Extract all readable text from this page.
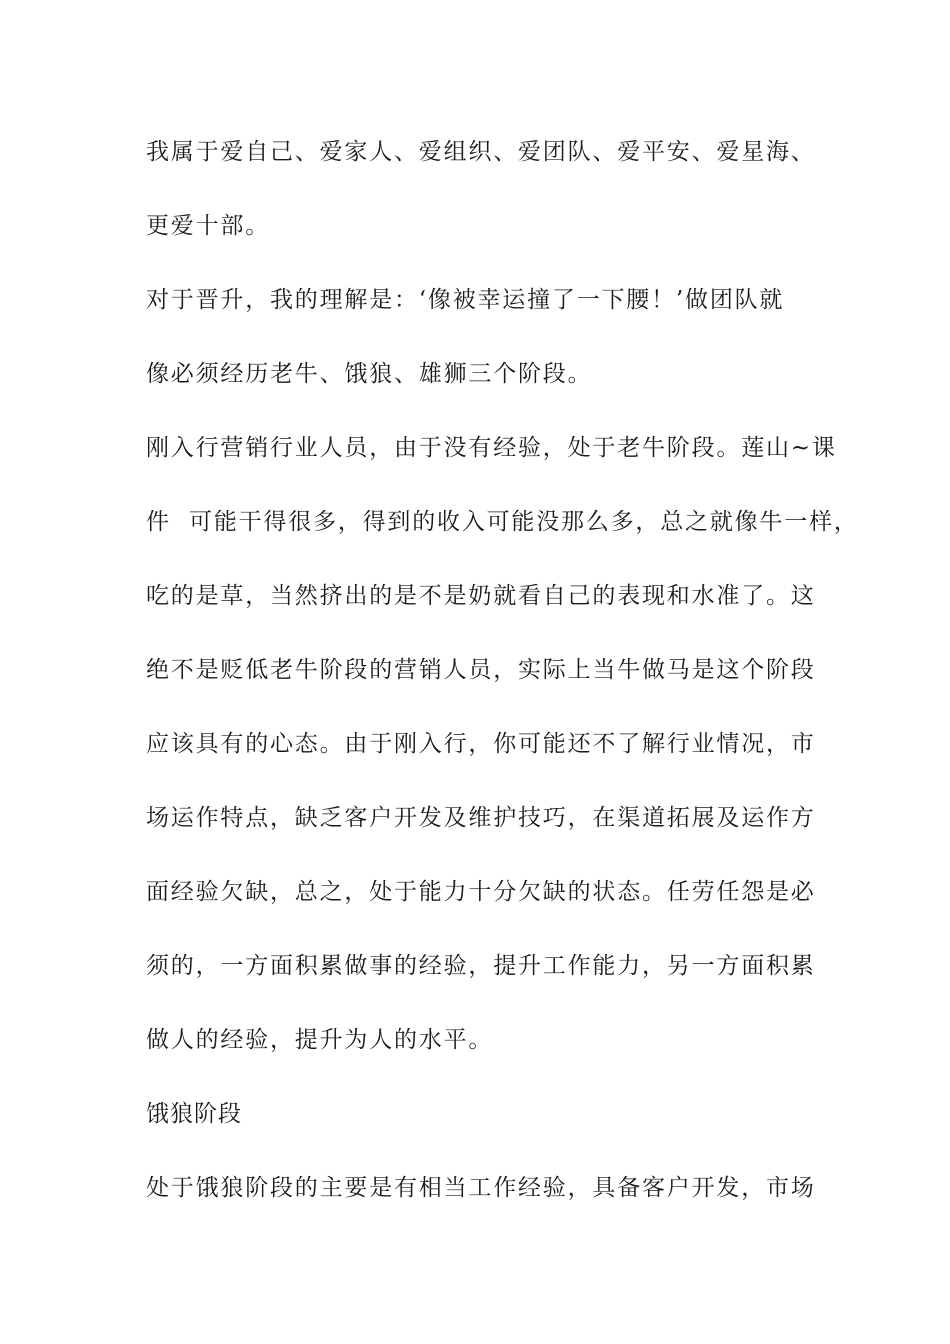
我属于爱自己、爱家人、爱组织、爱团队、爱平安、爱星海、
更爱十部。
对于晋升，我的理解是：‘像被幸运撞了一下腰！’做团队就
像必须经历老牛、饿狼、雄狮三个阶段。
刚入行营销行业人员，由于没有经验，处于老牛阶段。莲山~课
件  可能干得很多，得到的收入可能没那么多，总之就像牛一样，
吃的是草，当然挤出的是不是奶就看自己的表现和水准了。这
绝不是贬低老牛阶段的营销人员，实际上当牛做马是这个阶段
应该具有的心态。由于刚入行，你可能还不了解行业情况，市
场运作特点，缺乏客户开发及维护技巧，在渠道拓展及运作方
面经验欠缺，总之，处于能力十分欠缺的状态。任劳任怨是必
须的，一方面积累做事的经验，提升工作能力，另一方面积累
做人的经验，提升为人的水平。
饿狼阶段
处于饿狼阶段的主要是有相当工作经验，具备客户开发，市场
